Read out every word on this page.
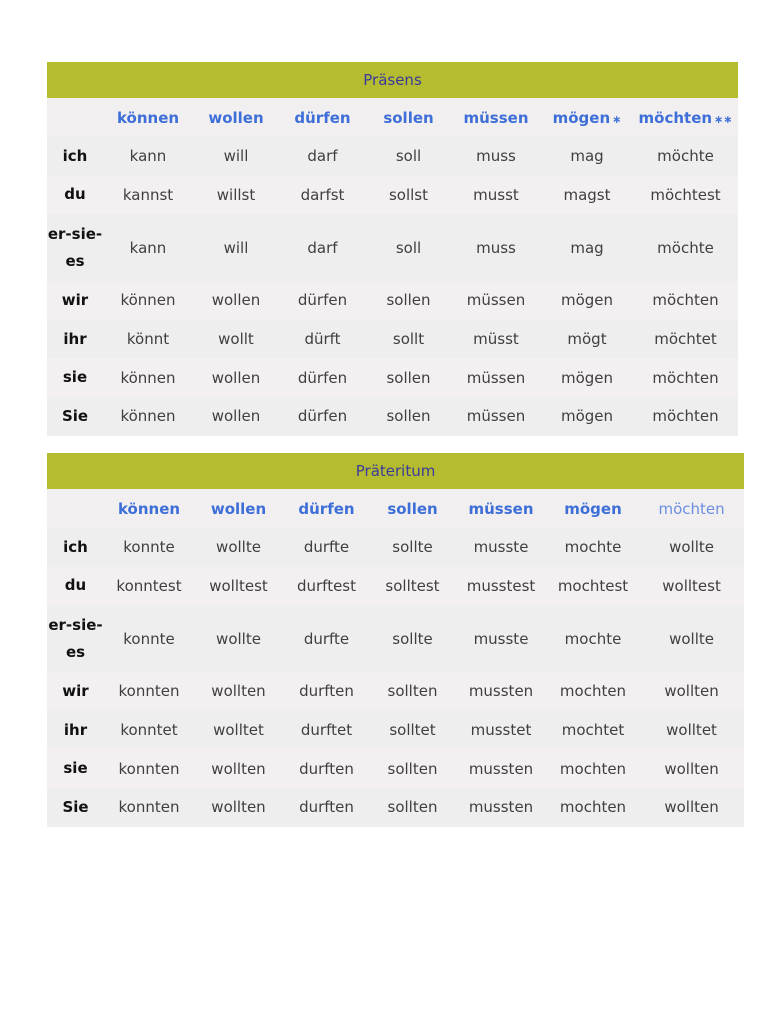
Präsens							
	können	wollen	dürfen	sollen	müssen	mögen ∗	möchten ∗∗
ich	kann	will	darf	soll	muss	mag	möchte
du	kannst	willst	darfst	sollst	musst	magst	möchtest
er-sie-
es	kann	will	darf	soll	muss	mag	möchte
wir	können	wollen	dürfen	sollen	müssen	mögen	möchten
ihr	könnt	wollt	dürft	sollt	müsst	mögt	möchtet
sie	können	wollen	dürfen	sollen	müssen	mögen	möchten
Sie	können	wollen	dürfen	sollen	müssen	mögen	möchten
Präteritum							
	können	wollen	dürfen	sollen	müssen	mögen	möchten
ich	konnte	wollte	durfte	sollte	musste	mochte	wollte
du	konntest	wolltest	durftest	solltest	musstest	mochtest	wolltest
er-sie-
es	konnte	wollte	durfte	sollte	musste	mochte	wollte
wir	konnten	wollten	durften	sollten	mussten	mochten	wollten
ihr	konntet	wolltet	durftet	solltet	musstet	mochtet	wolltet
sie	konnten	wollten	durften	sollten	mussten	mochten	wollten
Sie	konnten	wollten	durften	sollten	mussten	mochten	wollten
